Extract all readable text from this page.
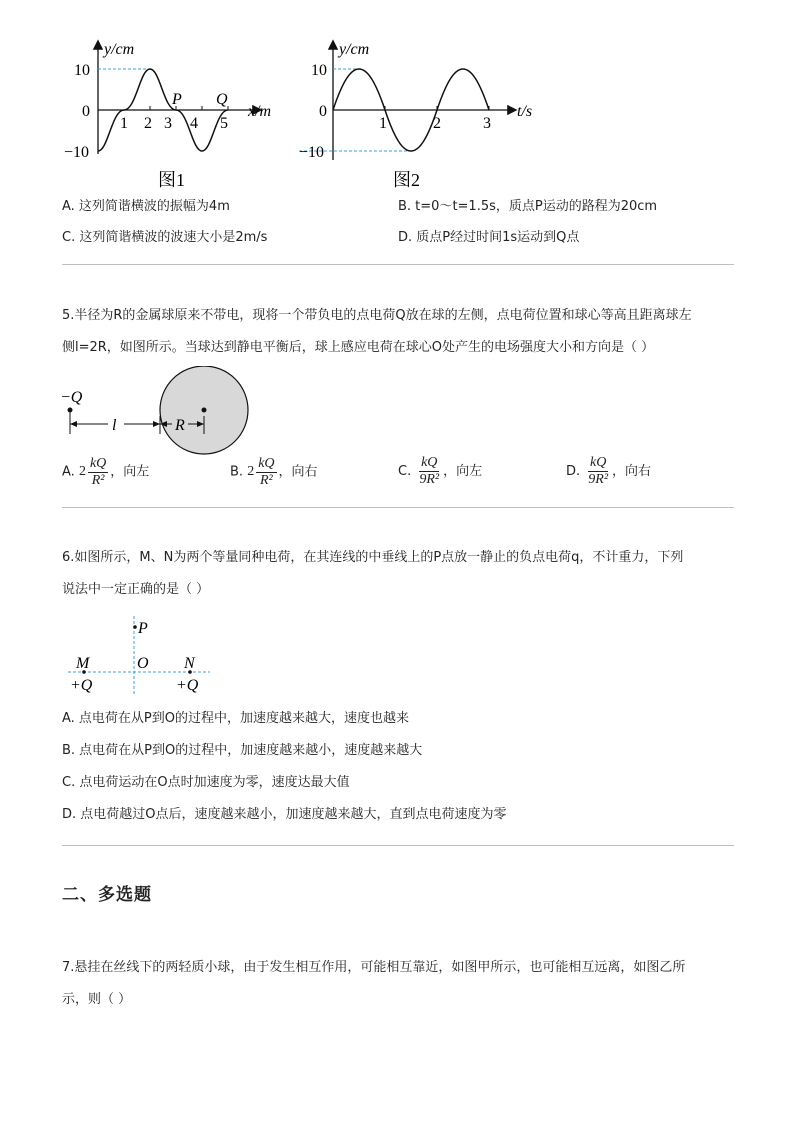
y/cm
10
0
−10
1 2 3 4 5
P Q
x/m
图1
y/cm
10
0
−10
1	2	3
t/s
图2
A. 这列简谐横波的振幅为4m	B. t=0～t=1.5s，质点P运动的路程为20cm
C. 这列简谐横波的波速大小是2m/s	D. 质点P经过时间1s运动到Q点
5.半径为R的金属球原来不带电，现将一个带负电的点电荷Q放在球的左侧，点电荷位置和球心等高且距离球左
侧l=2R，如图所示。当球达到静电平衡后，球上感应电荷在球心O处产生的电场强度大小和方向是（ ）
−Q
l	R
A. $2 \frac{kQ}{\text{R²}}$ ，向左	B. $2 \frac{kQ}{\text{R²}}$ ，向右	C. $\frac{kQ}{\text{9R²}}$ ，向左	D. $\frac{kQ}{\text{9R²}}$ ，向右
6.如图所示，M、N为两个等量同种电荷，在其连线的中垂线上的P点放一静止的负点电荷q，不计重力，下列
说法中一定正确的是（ ）
P
M	N
O
+Q	+Q
A. 点电荷在从P到O的过程中，加速度越来越大，速度也越来
B. 点电荷在从P到O的过程中，加速度越来越小，速度越来越大
C. 点电荷运动在O点时加速度为零，速度达最大值
D. 点电荷越过O点后，速度越来越小，加速度越来越大，直到点电荷速度为零
二、多选题
7.悬挂在丝线下的两轻质小球，由于发生相互作用，可能相互靠近，如图甲所示，也可能相互远离，如图乙所
示，则（ ）
